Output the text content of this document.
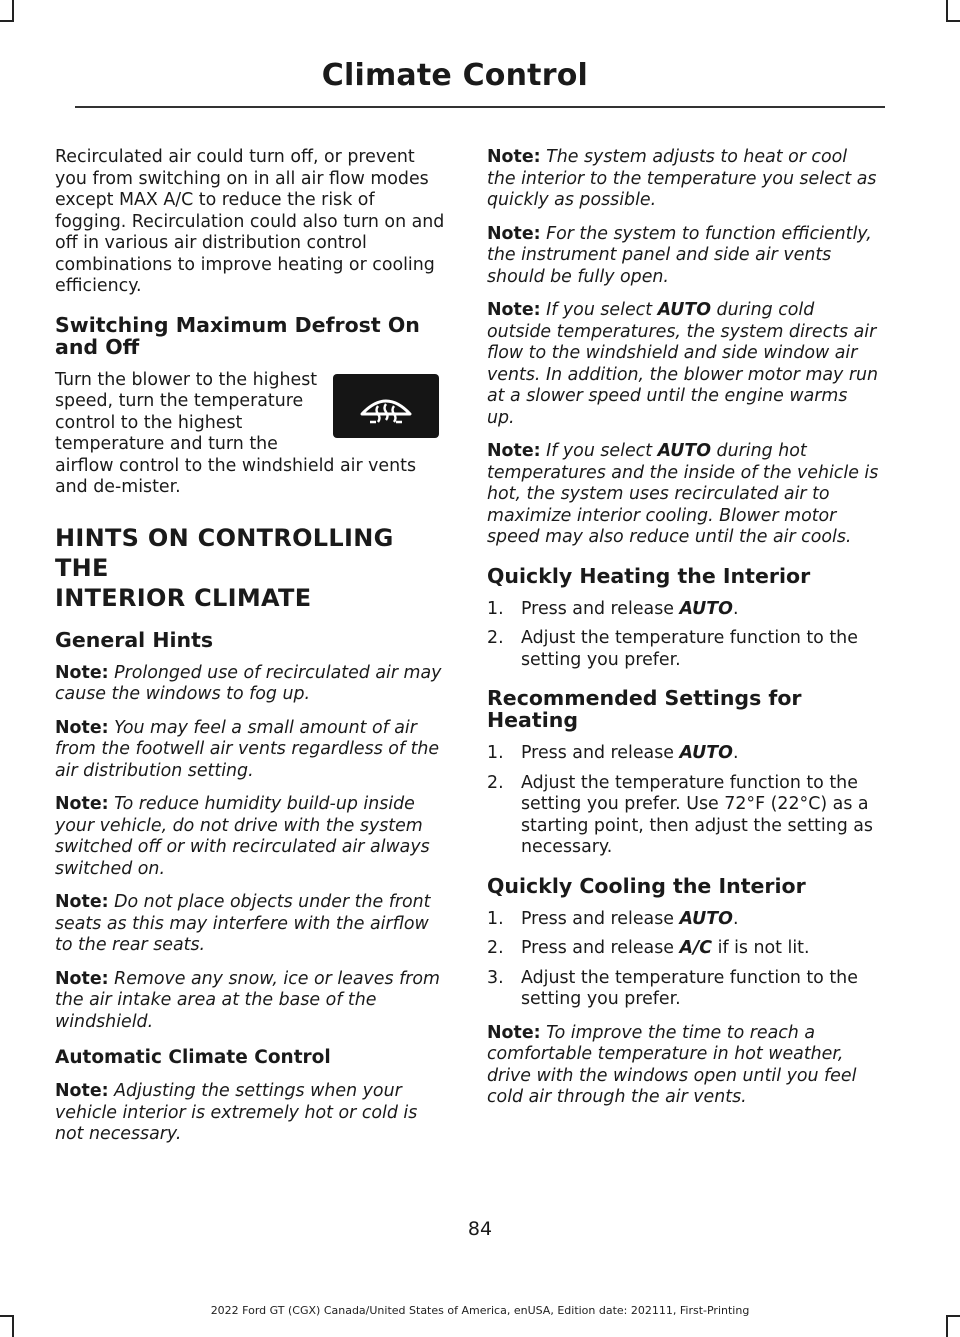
Climate Control

Recirculated air could turn off, or prevent you from switching on in all air flow modes except MAX A/C to reduce the risk of fogging. Recirculation could also turn on and off in various air distribution control combinations to improve heating or cooling efficiency.

Switching Maximum Defrost On and Off

Turn the blower to the highest speed, turn the temperature control to the highest temperature and turn the airflow control to the windshield air vents and de-mister.

HINTS ON CONTROLLING THE
INTERIOR CLIMATE
General Hints

Note: Prolonged use of recirculated air may cause the windows to fog up.

Note: You may feel a small amount of air from the footwell air vents regardless of the air distribution setting.

Note: To reduce humidity build-up inside your vehicle, do not drive with the system switched off or with recirculated air always switched on.

Note: Do not place objects under the front seats as this may interfere with the airflow to the rear seats.

Note: Remove any snow, ice or leaves from the air intake area at the base of the windshield.

Automatic Climate Control

Note: Adjusting the settings when your vehicle interior is extremely hot or cold is not necessary.

Note: The system adjusts to heat or cool the interior to the temperature you select as quickly as possible.

Note: For the system to function efficiently, the instrument panel and side air vents should be fully open.

Note: If you select AUTO during cold outside temperatures, the system directs air flow to the windshield and side window air vents. In addition, the blower motor may run at a slower speed until the engine warms up.

Note: If you select AUTO during hot temperatures and the inside of the vehicle is hot, the system uses recirculated air to maximize interior cooling. Blower motor speed may also reduce until the air cools.

Quickly Heating the Interior
1.	Press and release AUTO.
2.	Adjust the temperature function to the setting you prefer.
Recommended Settings for Heating
1.	Press and release AUTO.
2.	Adjust the temperature function to the setting you prefer. Use 72°F (22°C) as a starting point, then adjust the setting as necessary.
Quickly Cooling the Interior
1.	Press and release AUTO.
2.	Press and release A/C if is not lit.
3.	Adjust the temperature function to the setting you prefer.

Note: To improve the time to reach a comfortable temperature in hot weather, drive with the windows open until you feel cold air through the air vents.

84
2022 Ford GT (CGX) Canada/United States of America, enUSA, Edition date: 202111, First-Printing
